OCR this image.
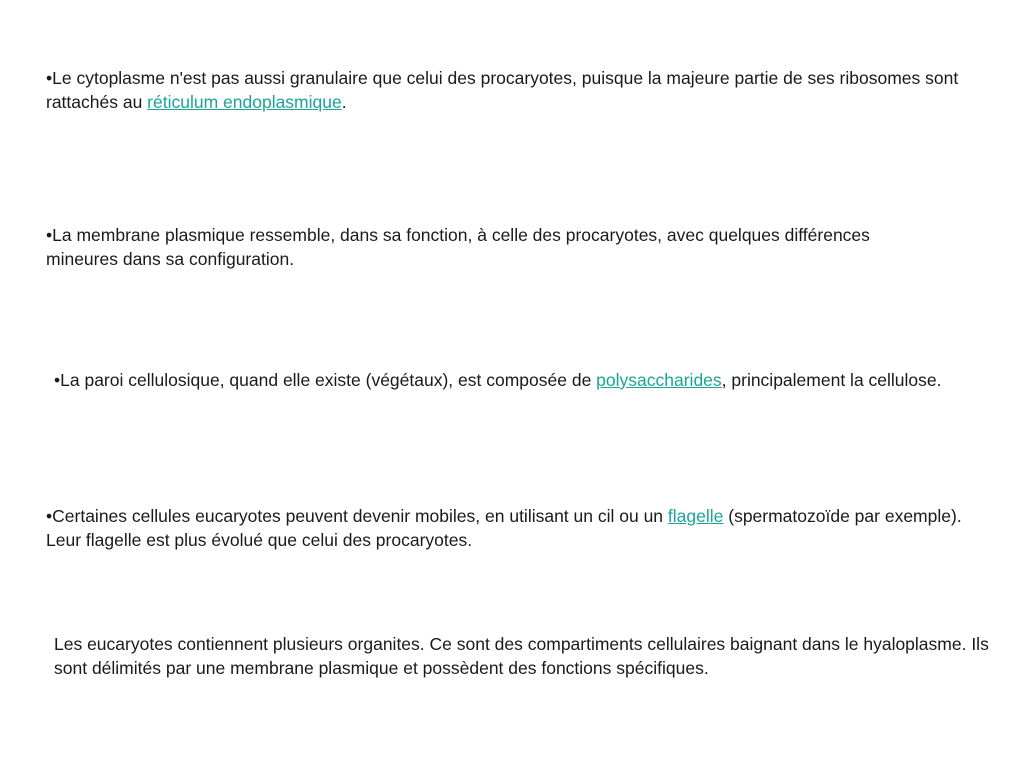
•Le cytoplasme n'est pas aussi granulaire que celui des procaryotes, puisque la majeure partie de ses ribosomes sont rattachés au réticulum endoplasmique.

•La membrane plasmique ressemble, dans sa fonction, à celle des procaryotes, avec quelques différences mineures dans sa configuration.

•La paroi cellulosique, quand elle existe (végétaux), est composée de polysaccharides, principalement la cellulose.

•Certaines cellules eucaryotes peuvent devenir mobiles, en utilisant un cil ou un flagelle (spermatozoïde par exemple). Leur flagelle est plus évolué que celui des procaryotes.

Les eucaryotes contiennent plusieurs organites. Ce sont des compartiments cellulaires baignant dans le hyaloplasme. Ils sont délimités par une membrane plasmique et possèdent des fonctions spécifiques.
